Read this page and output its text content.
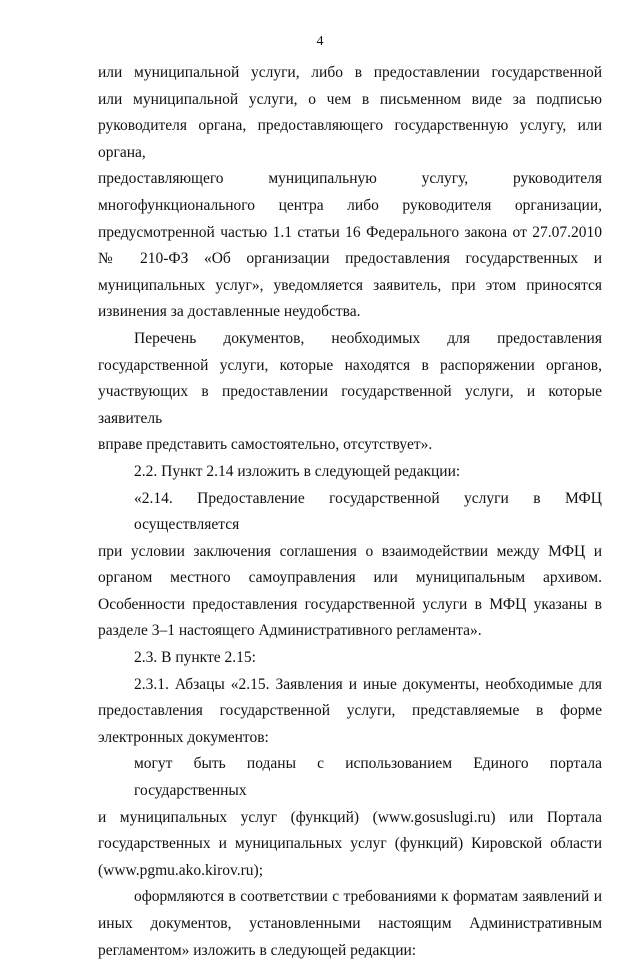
4

или муниципальной услуги, либо в предоставлении государственной
или муниципальной услуги, о чем в письменном виде за подписью
руководителя органа, предоставляющего государственную услугу, или органа,
предоставляющего муниципальную услугу, руководителя
многофункционального центра либо руководителя организации,
предусмотренной частью 1.1 статьи 16 Федерального закона от 27.07.2010
№ 210-ФЗ «Об организации предоставления государственных и
муниципальных услуг», уведомляется заявитель, при этом приносятся
извинения за доставленные неудобства.

Перечень документов, необходимых для предоставления
государственной услуги, которые находятся в распоряжении органов,
участвующих в предоставлении государственной услуги, и которые заявитель
вправе представить самостоятельно, отсутствует».

2.2. Пункт 2.14 изложить в следующей редакции:

«2.14. Предоставление государственной услуги в МФЦ осуществляется
при условии заключения соглашения о взаимодействии между МФЦ и
органом местного самоуправления или муниципальным архивом.
Особенности предоставления государственной услуги в МФЦ указаны в
разделе 3–1 настоящего Административного регламента».

2.3. В пункте 2.15:

2.3.1. Абзацы «2.15. Заявления и иные документы, необходимые для
предоставления государственной услуги, представляемые в форме
электронных документов:

могут быть поданы с использованием Единого портала государственных
и муниципальных услуг (функций) (www.gosuslugi.ru) или Портала
государственных и муниципальных услуг (функций) Кировской области
(www.pgmu.ako.kirov.ru);

оформляются в соответствии с требованиями к форматам заявлений и
иных документов, установленными настоящим Административным
регламентом» изложить в следующей редакции:
